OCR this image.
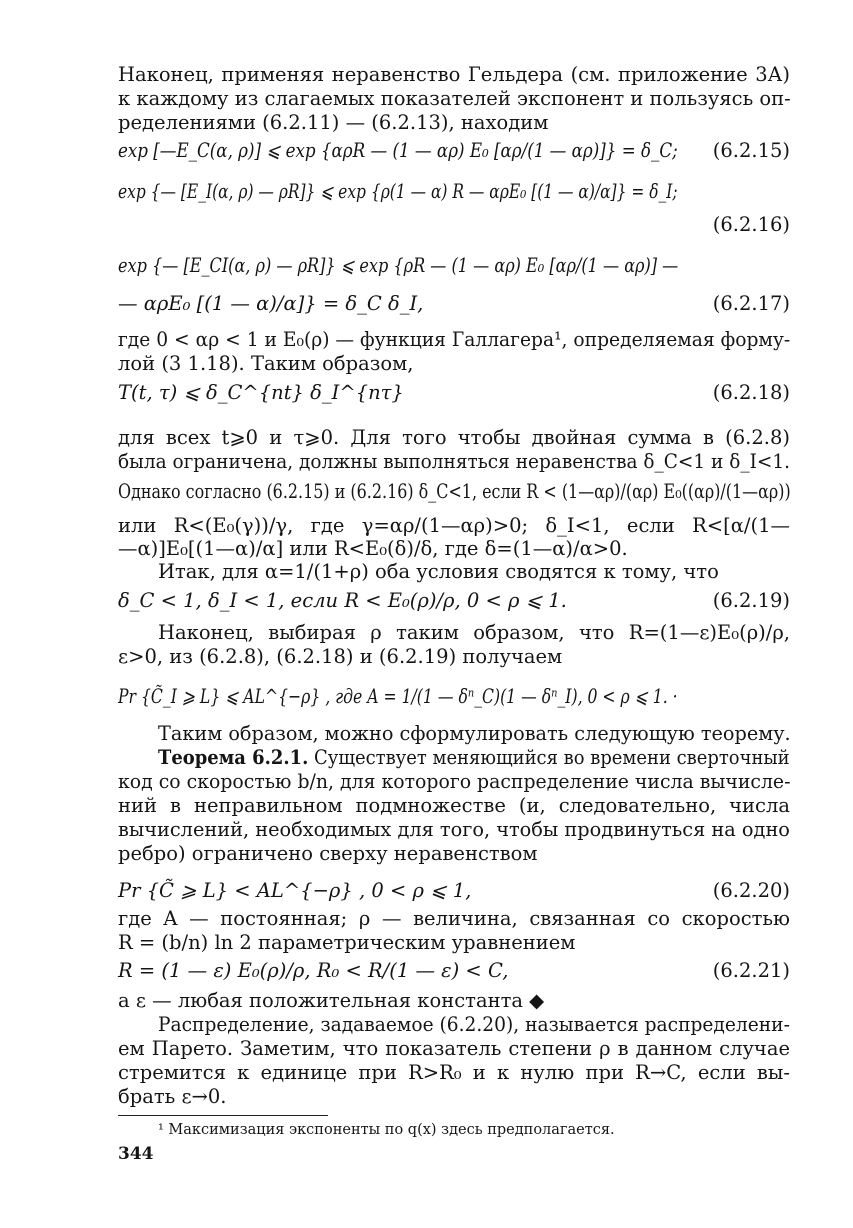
Наконец, применяя неравенство Гельдера (см. приложение 3А)
к каждому из слагаемых показателей экспонент и пользуясь оп-
ределениями (6.2.11) — (6.2.13), находим
exp [—E_C(α, ρ)] ⩽ exp {αρR — (1 — αρ) E₀ [αρ/(1 — αρ)]} = δ_C; (6.2.15)
exp {— [E_I(α, ρ) — ρR]} ⩽ exp {ρ(1 — α) R — αρE₀ [(1 — α)/α]} = δ_I;
(6.2.16)
exp {— [E_CI(α, ρ) — ρR]} ⩽ exp {ρR — (1 — αρ) E₀ [αρ/(1 — αρ)] —
— αρE₀ [(1 — α)/α]} = δ_C δ_I,	(6.2.17)
где 0 < αρ < 1 и E₀(ρ) — функция Галлагера¹, определяемая форму-
лой (3 1.18). Таким образом,
T(t, τ) ⩽ δ_C^{nt} δ_I^{nτ}	(6.2.18)
для всех t⩾0 и τ⩾0. Для того чтобы двойная сумма в (6.2.8)
была ограничена, должны выполняться неравенства δ_C<1 и δ_I<1.
Однако согласно (6.2.15) и (6.2.16) δ_C<1, если R < (1—αρ)/(αρ) E₀((αρ)/(1—αρ))
или R<(E₀(γ))/γ, где γ=αρ/(1—αρ)>0; δ_I<1, если R<[α/(1—
—α)]E₀[(1—α)/α] или R<E₀(δ)/δ, где δ=(1—α)/α>0.
Итак, для α=1/(1+ρ) оба условия сводятся к тому, что
δ_C < 1, δ_I < 1, если R < E₀(ρ)/ρ, 0 < ρ ⩽ 1.	(6.2.19)
Наконец, выбирая ρ таким образом, что R=(1—ε)E₀(ρ)/ρ,
ε>0, из (6.2.8), (6.2.18) и (6.2.19) получаем
Pr {C̃_I ⩾ L} ⩽ AL^{−ρ} , где A = 1/(1 — δⁿ_C)(1 — δⁿ_I), 0 < ρ ⩽ 1. ·
Таким образом, можно сформулировать следующую теорему.
Теорема 6.2.1. Существует меняющийся во времени сверточный
код со скоростью b/n, для которого распределение числа вычисле-
ний в неправильном подмножестве (и, следовательно, числа
вычислений, необходимых для того, чтобы продвинуться на одно
ребро) ограничено сверху неравенством
Pr {C̃ ⩾ L} < AL^{−ρ} , 0 < ρ ⩽ 1,	(6.2.20)
где A — постоянная; ρ — величина, связанная со скоростью
R = (b/n) ln 2 параметрическим уравнением
R = (1 — ε) E₀(ρ)/ρ, R₀ < R/(1 — ε) < C,	(6.2.21)
а ε — любая положительная константа ◆
Распределение, задаваемое (6.2.20), называется распределени-
ем Парето. Заметим, что показатель степени ρ в данном случае
стремится к единице при R>R₀ и к нулю при R→C, если вы-
брать ε→0.
¹ Максимизация экспоненты по q(x) здесь предполагается.
344
